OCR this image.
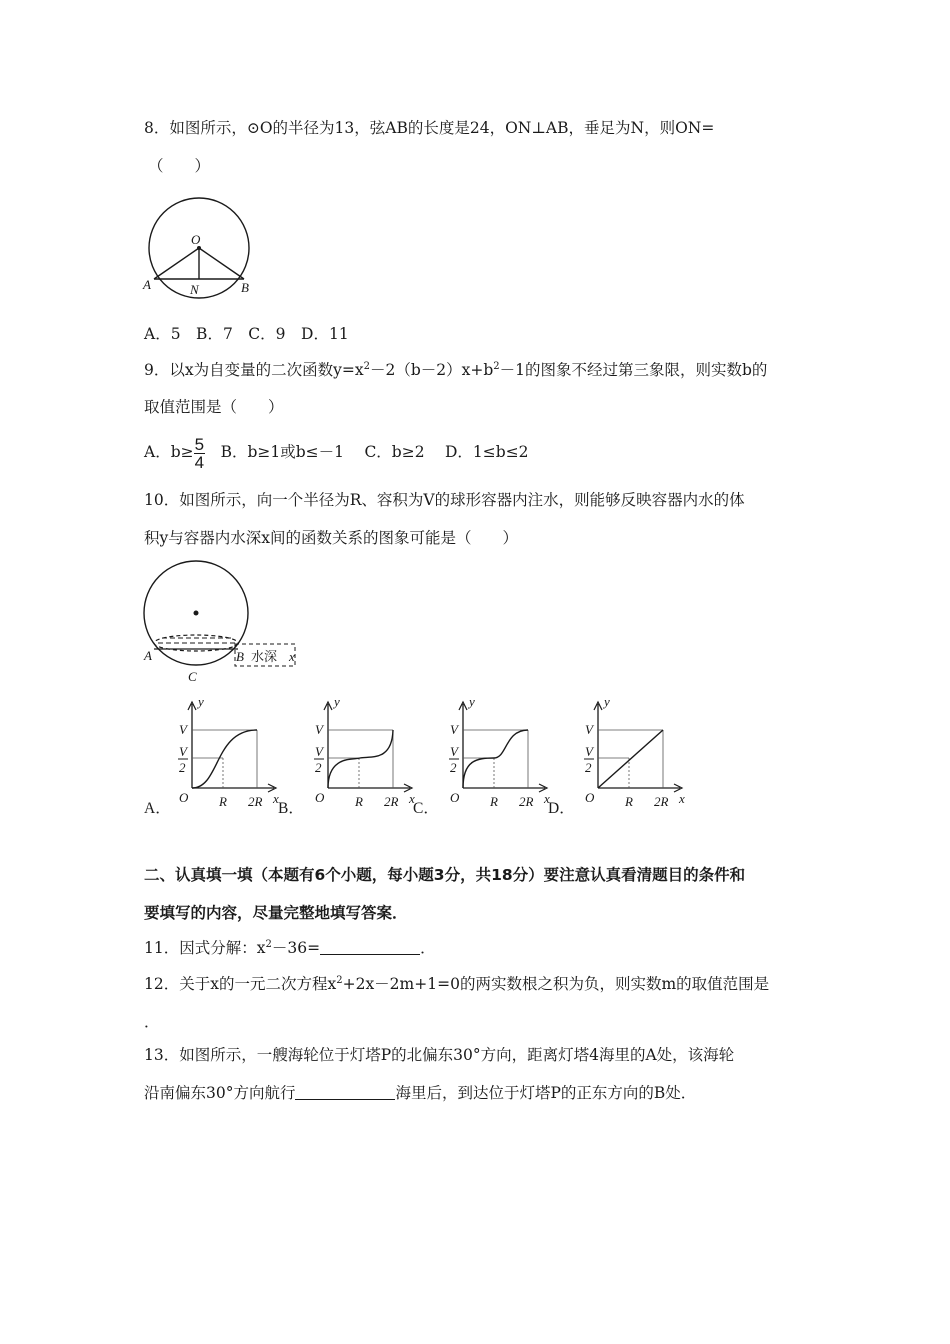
8．如图所示，⊙O的半径为13，弦AB的长度是24，ON⊥AB，垂足为N，则ON=
（　　）
O
A	N	B
A．5　B．7　C．9　D．11
9．以x为自变量的二次函数$y=x^2-2(b-2)x+b^2-1$的图象不经过第三象限，则实数b的
取值范围是（　　）
A．$b\ge \frac{5}{4}$ 　B．b≥1或b≤－1　 C．b≥2　 D．1≤b≤2
10．如图所示，向一个半径为R、容积为V的球形容器内注水，则能够反映容器内水的体
积y与容器内水深x间的函数关系的图象可能是（　　）
A	B
C
水深 x
A．
y
V
V
2
O R 2R x
B．
y
V
V
2
O R 2R x
C．
y
V
V
2
O R 2R x
D．
y
V
V
2
O R 2R x
二、认真填一填（本题有6个小题，每小题3分，共18分）要注意认真看清题目的条件和
要填写的内容，尽量完整地填写答案．
11．因式分解：$x^2-36=$	．
12．关于x的一元二次方程$x^2+2x-2m+1=0$的两实数根之积为负，则实数m的取值范围是
．
13．如图所示，一艘海轮位于灯塔P的北偏东30°方向，距离灯塔4海里的A处，该海轮
沿南偏东30°方向航行	海里后，到达位于灯塔P的正东方向的B处．
